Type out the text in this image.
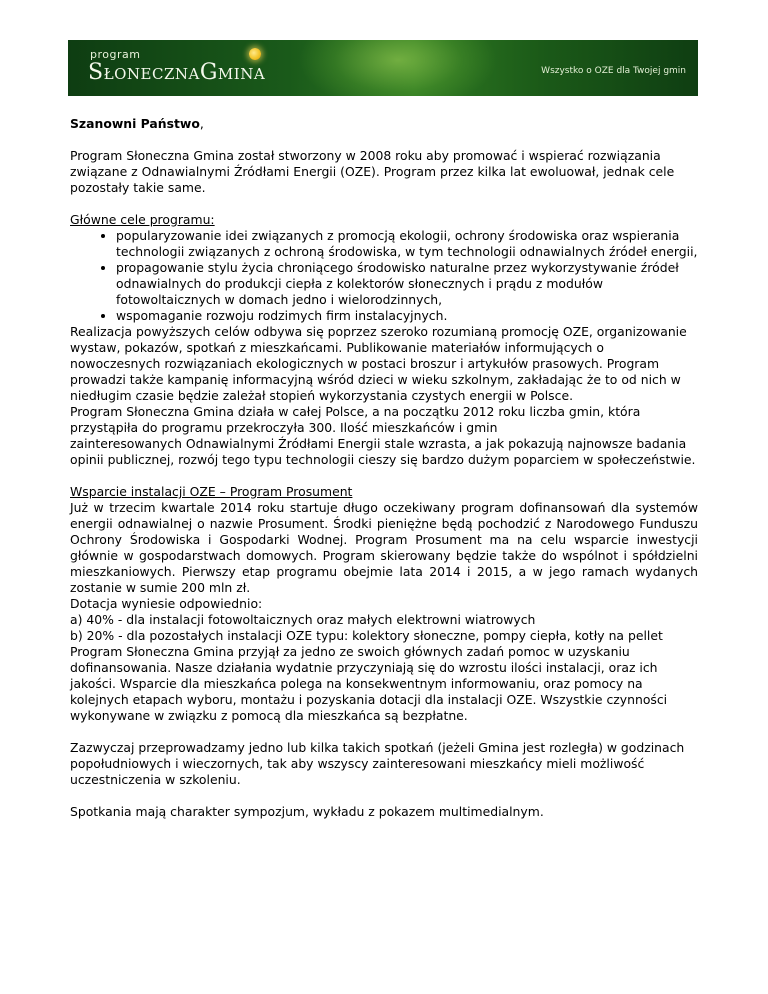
program
SłonecznaGmina	Wszystko o OZE dla Twojej gmin

Szanowni Państwo,

Program Słoneczna Gmina został stworzony w 2008 roku aby promować i wspierać rozwiązania związane z Odnawialnymi Źródłami Energii (OZE). Program przez kilka lat ewoluował, jednak cele pozostały takie same.

Główne cele programu:

• popularyzowanie idei związanych z promocją ekologii, ochrony środowiska oraz wspierania technologii związanych z ochroną środowiska, w tym technologii odnawialnych źródeł energii,
• propagowanie stylu życia chroniącego środowisko naturalne przez wykorzystywanie źródeł odnawialnych do produkcji ciepła z kolektorów słonecznych i prądu z modułów fotowoltaicznych w domach jedno i wielorodzinnych,
• wspomaganie rozwoju rodzimych firm instalacyjnych.

Realizacja powyższych celów odbywa się poprzez szeroko rozumianą promocję OZE, organizowanie wystaw, pokazów, spotkań z mieszkańcami. Publikowanie materiałów informujących o nowoczesnych rozwiązaniach ekologicznych w postaci broszur i artykułów prasowych. Program prowadzi także kampanię informacyjną wśród dzieci w wieku szkolnym, zakładając że to od nich w niedługim czasie będzie zależał stopień wykorzystania czystych energii w Polsce.

Program Słoneczna Gmina działa w całej Polsce, a na początku 2012 roku liczba gmin, która przystąpiła do programu przekroczyła 300. Ilość mieszkańców i gmin

zainteresowanych Odnawialnymi Źródłami Energii stale wzrasta, a jak pokazują najnowsze badania opinii publicznej, rozwój tego typu technologii cieszy się bardzo dużym poparciem w społeczeństwie.

Wsparcie instalacji OZE – Program Prosument

Już w trzecim kwartale 2014 roku startuje długo oczekiwany program dofinansowań dla systemów energii odnawialnej o nazwie Prosument. Środki pieniężne będą pochodzić z Narodowego Funduszu Ochrony Środowiska i Gospodarki Wodnej. Program Prosument ma na celu wsparcie inwestycji głównie w gospodarstwach domowych. Program skierowany będzie także do wspólnot i spółdzielni mieszkaniowych. Pierwszy etap programu obejmie lata 2014 i 2015, a w jego ramach wydanych zostanie w sumie 200 mln zł.

Dotacja wyniesie odpowiednio:

a) 40% - dla instalacji fotowoltaicznych oraz małych elektrowni wiatrowych

b) 20% - dla pozostałych instalacji OZE typu: kolektory słoneczne, pompy ciepła, kotły na pellet

Program Słoneczna Gmina przyjął za jedno ze swoich głównych zadań pomoc w uzyskaniu dofinansowania. Nasze działania wydatnie przyczyniają się do wzrostu ilości instalacji, oraz ich jakości. Wsparcie dla mieszkańca polega na konsekwentnym informowaniu, oraz pomocy na kolejnych etapach wyboru, montażu i pozyskania dotacji dla instalacji OZE. Wszystkie czynności wykonywane w związku z pomocą dla mieszkańca są bezpłatne.

Zazwyczaj przeprowadzamy jedno lub kilka takich spotkań (jeżeli Gmina jest rozległa) w godzinach popołudniowych i wieczornych, tak aby wszyscy zainteresowani mieszkańcy mieli możliwość uczestniczenia w szkoleniu.

Spotkania mają charakter sympozjum, wykładu z pokazem multimedialnym.
